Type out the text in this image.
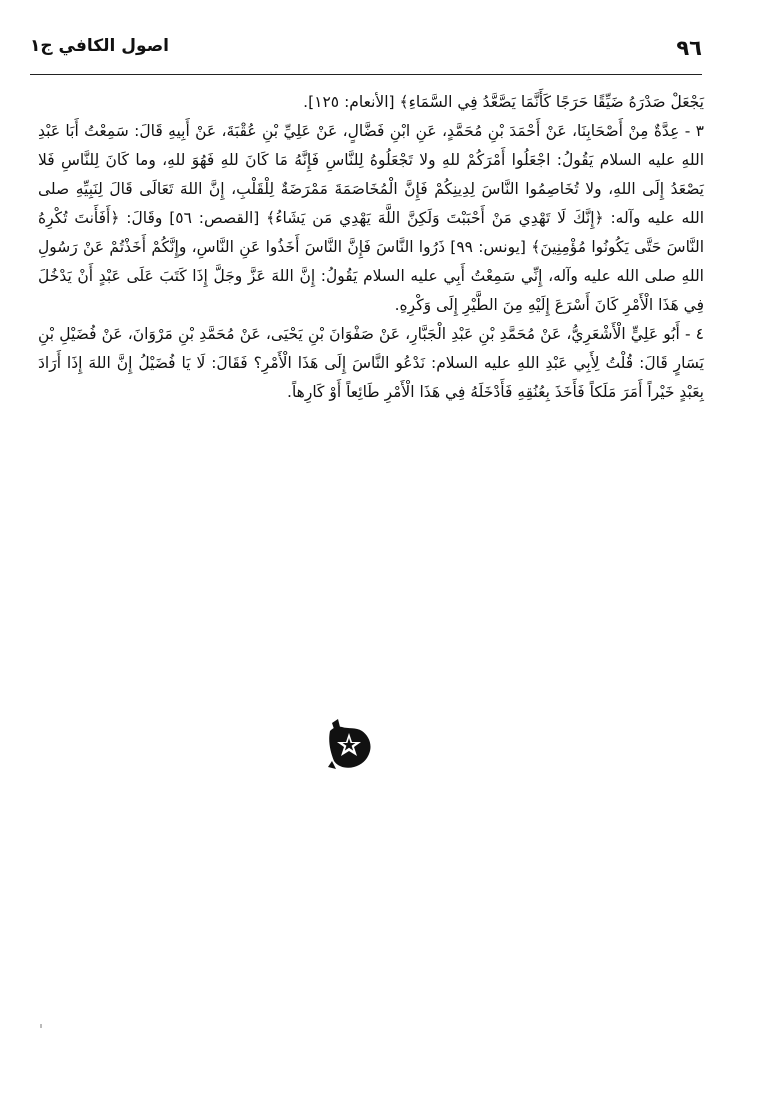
٩٦
اصول الكافي ج١

يَجْعَلْ صَدْرَهُ ضَيِّقًا حَرَجًا كَأَنَّمَا يَصَّعَّدُ فِي السَّمَاءِ﴾ [الأنعام: ١٢٥].

٣ - عِدَّةٌ مِنْ أَصْحَابِنَا، عَنْ أَحْمَدَ بْنِ مُحَمَّدٍ، عَنِ ابْنِ فَضَّالٍ، عَنْ عَلِيِّ بْنِ عُقْبَةَ، عَنْ أَبِيهِ قَالَ: سَمِعْتُ أَبَا عَبْدِ اللهِ عليه السلام يَقُولُ: اجْعَلُوا أَمْرَكُمْ للهِ ولا تَجْعَلُوهُ لِلنَّاسِ فَإِنَّهُ مَا كَانَ للهِ فَهُوَ للهِ، وما كَانَ لِلنَّاسِ فَلا يَصْعَدُ إِلَى اللهِ، ولا تُخَاصِمُوا النَّاسَ لِدِينِكُمْ فَإِنَّ الْمُخَاصَمَةَ مَمْرَضَةٌ لِلْقَلْبِ، إِنَّ اللهَ تَعَالَى قَالَ لِنَبِيِّهِ صلى الله عليه وآله: ﴿إِنَّكَ لَا تَهْدِي مَنْ أَحْبَبْتَ وَلَكِنَّ اللَّهَ يَهْدِي مَن يَشَاءُ﴾ [القصص: ٥٦] وقَالَ: ﴿أَفَأَنتَ تُكْرِهُ النَّاسَ حَتَّى يَكُونُوا مُؤْمِنِينَ﴾ [يونس: ٩٩] ذَرُوا النَّاسَ فَإِنَّ النَّاسَ أَخَذُوا عَنِ النَّاسِ، وإِنَّكُمْ أَخَذْتُمْ عَنْ رَسُولِ اللهِ صلى الله عليه وآله، إِنِّي سَمِعْتُ أَبِي عليه السلام يَقُولُ: إِنَّ اللهَ عَزَّ وجَلَّ إِذَا كَتَبَ عَلَى عَبْدٍ أَنْ يَدْخُلَ فِي هَذَا الْأَمْرِ كَانَ أَسْرَعَ إِلَيْهِ مِنَ الطَّيْرِ إِلَى وَكْرِهِ.

٤ - أَبُو عَلِيٍّ الْأَشْعَرِيُّ، عَنْ مُحَمَّدِ بْنِ عَبْدِ الْجَبَّارِ، عَنْ صَفْوَانَ بْنِ يَحْيَى، عَنْ مُحَمَّدِ بْنِ مَرْوَانَ، عَنْ فُضَيْلِ بْنِ يَسَارٍ قَالَ: قُلْتُ لِأَبِي عَبْدِ اللهِ عليه السلام: نَدْعُو النَّاسَ إِلَى هَذَا الْأَمْرِ؟ فَقَالَ: لَا يَا فُضَيْلُ إِنَّ اللهَ إِذَا أَرَادَ بِعَبْدٍ خَيْراً أَمَرَ مَلَكاً فَأَخَذَ بِعُنُقِهِ فَأَدْخَلَهُ فِي هَذَا الْأَمْرِ طَائِعاً أَوْ كَارِهاً.
